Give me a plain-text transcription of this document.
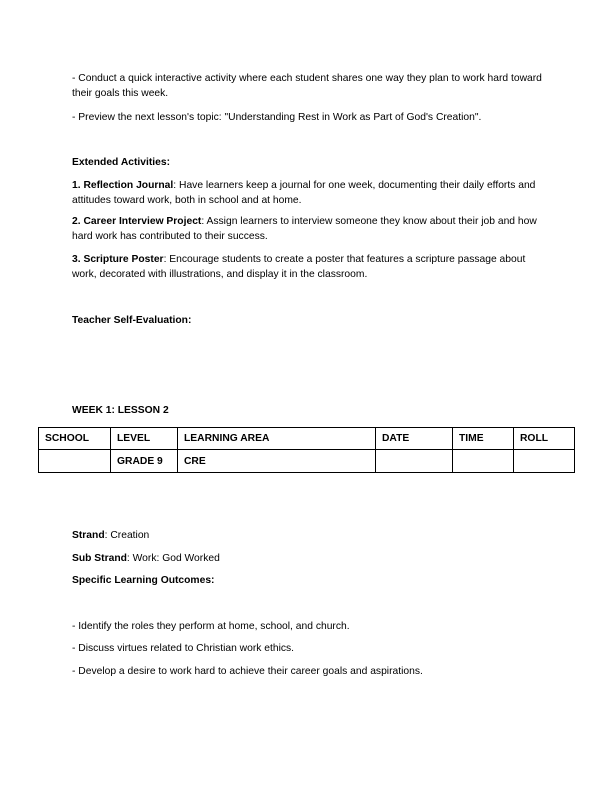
- Conduct a quick interactive activity where each student shares one way they plan to work hard toward their goals this week.

- Preview the next lesson's topic: "Understanding Rest in Work as Part of God's Creation".

Extended Activities:

1. Reflection Journal: Have learners keep a journal for one week, documenting their daily efforts and attitudes toward work, both in school and at home.

2. Career Interview Project: Assign learners to interview someone they know about their job and how hard work has contributed to their success.

3. Scripture Poster: Encourage students to create a poster that features a scripture passage about work, decorated with illustrations, and display it in the classroom.

Teacher Self-Evaluation:

WEEK 1: LESSON 2

SCHOOL	LEVEL	LEARNING AREA	DATE	TIME	ROLL
	GRADE 9	CRE			

Strand: Creation

Sub Strand: Work: God Worked

Specific Learning Outcomes:

- Identify the roles they perform at home, school, and church.

- Discuss virtues related to Christian work ethics.

- Develop a desire to work hard to achieve their career goals and aspirations.
